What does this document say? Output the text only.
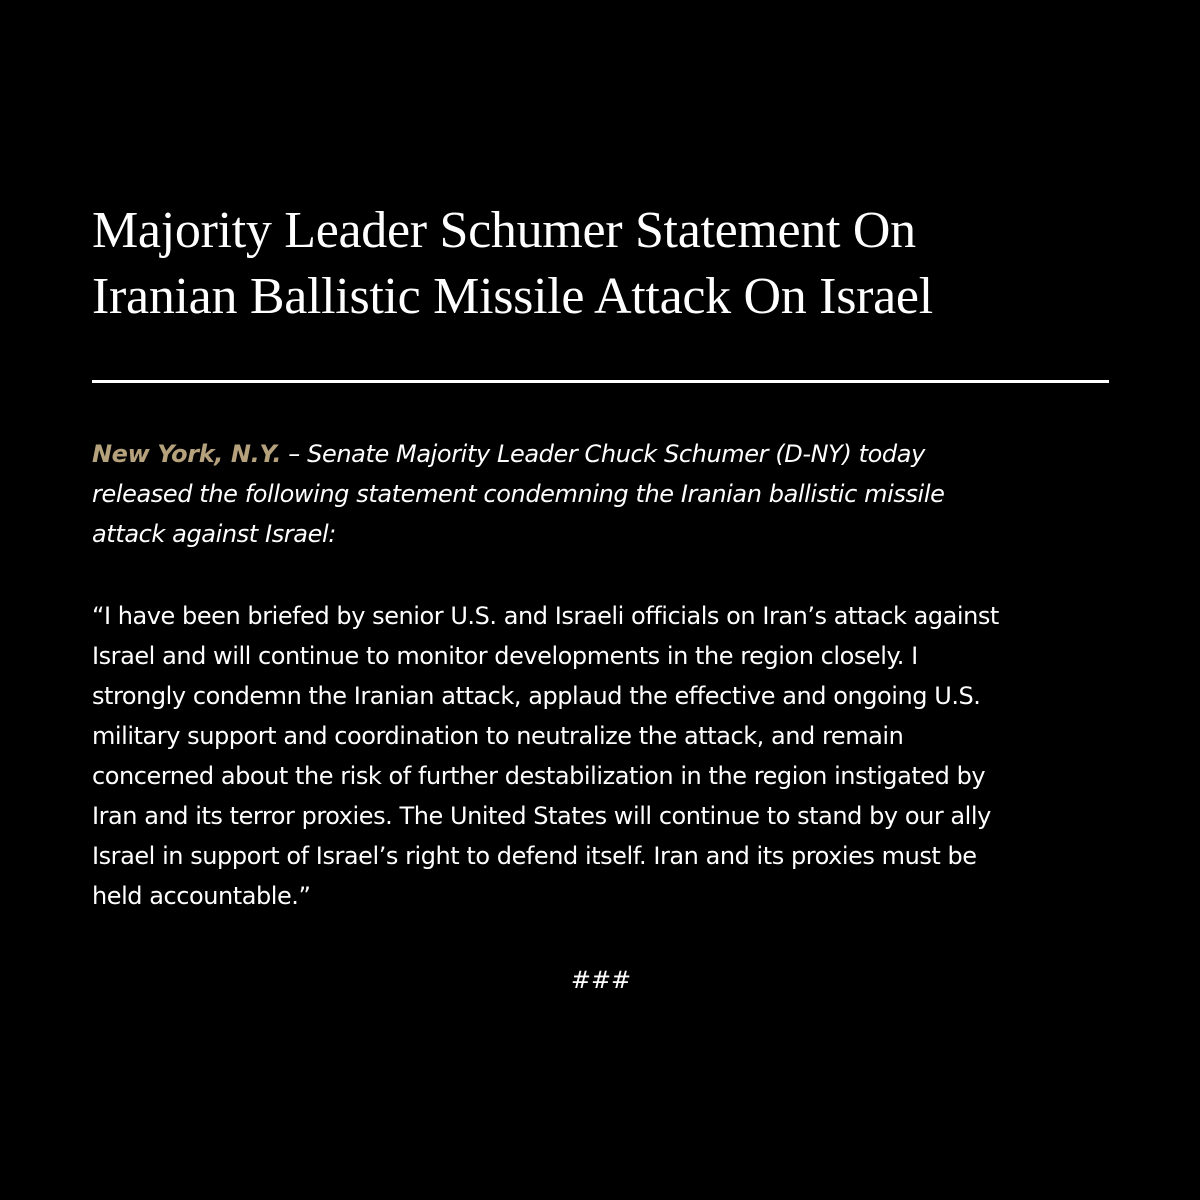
Majority Leader Schumer Statement On
Iranian Ballistic Missile Attack On Israel

New York, N.Y. – Senate Majority Leader Chuck Schumer (D-NY) today
released the following statement condemning the Iranian ballistic missile
attack against Israel:

“I have been briefed by senior U.S. and Israeli officials on Iran’s attack against
Israel and will continue to monitor developments in the region closely. I
strongly condemn the Iranian attack, applaud the effective and ongoing U.S.
military support and coordination to neutralize the attack, and remain
concerned about the risk of further destabilization in the region instigated by
Iran and its terror proxies. The United States will continue to stand by our ally
Israel in support of Israel’s right to defend itself. Iran and its proxies must be
held accountable.”

###
